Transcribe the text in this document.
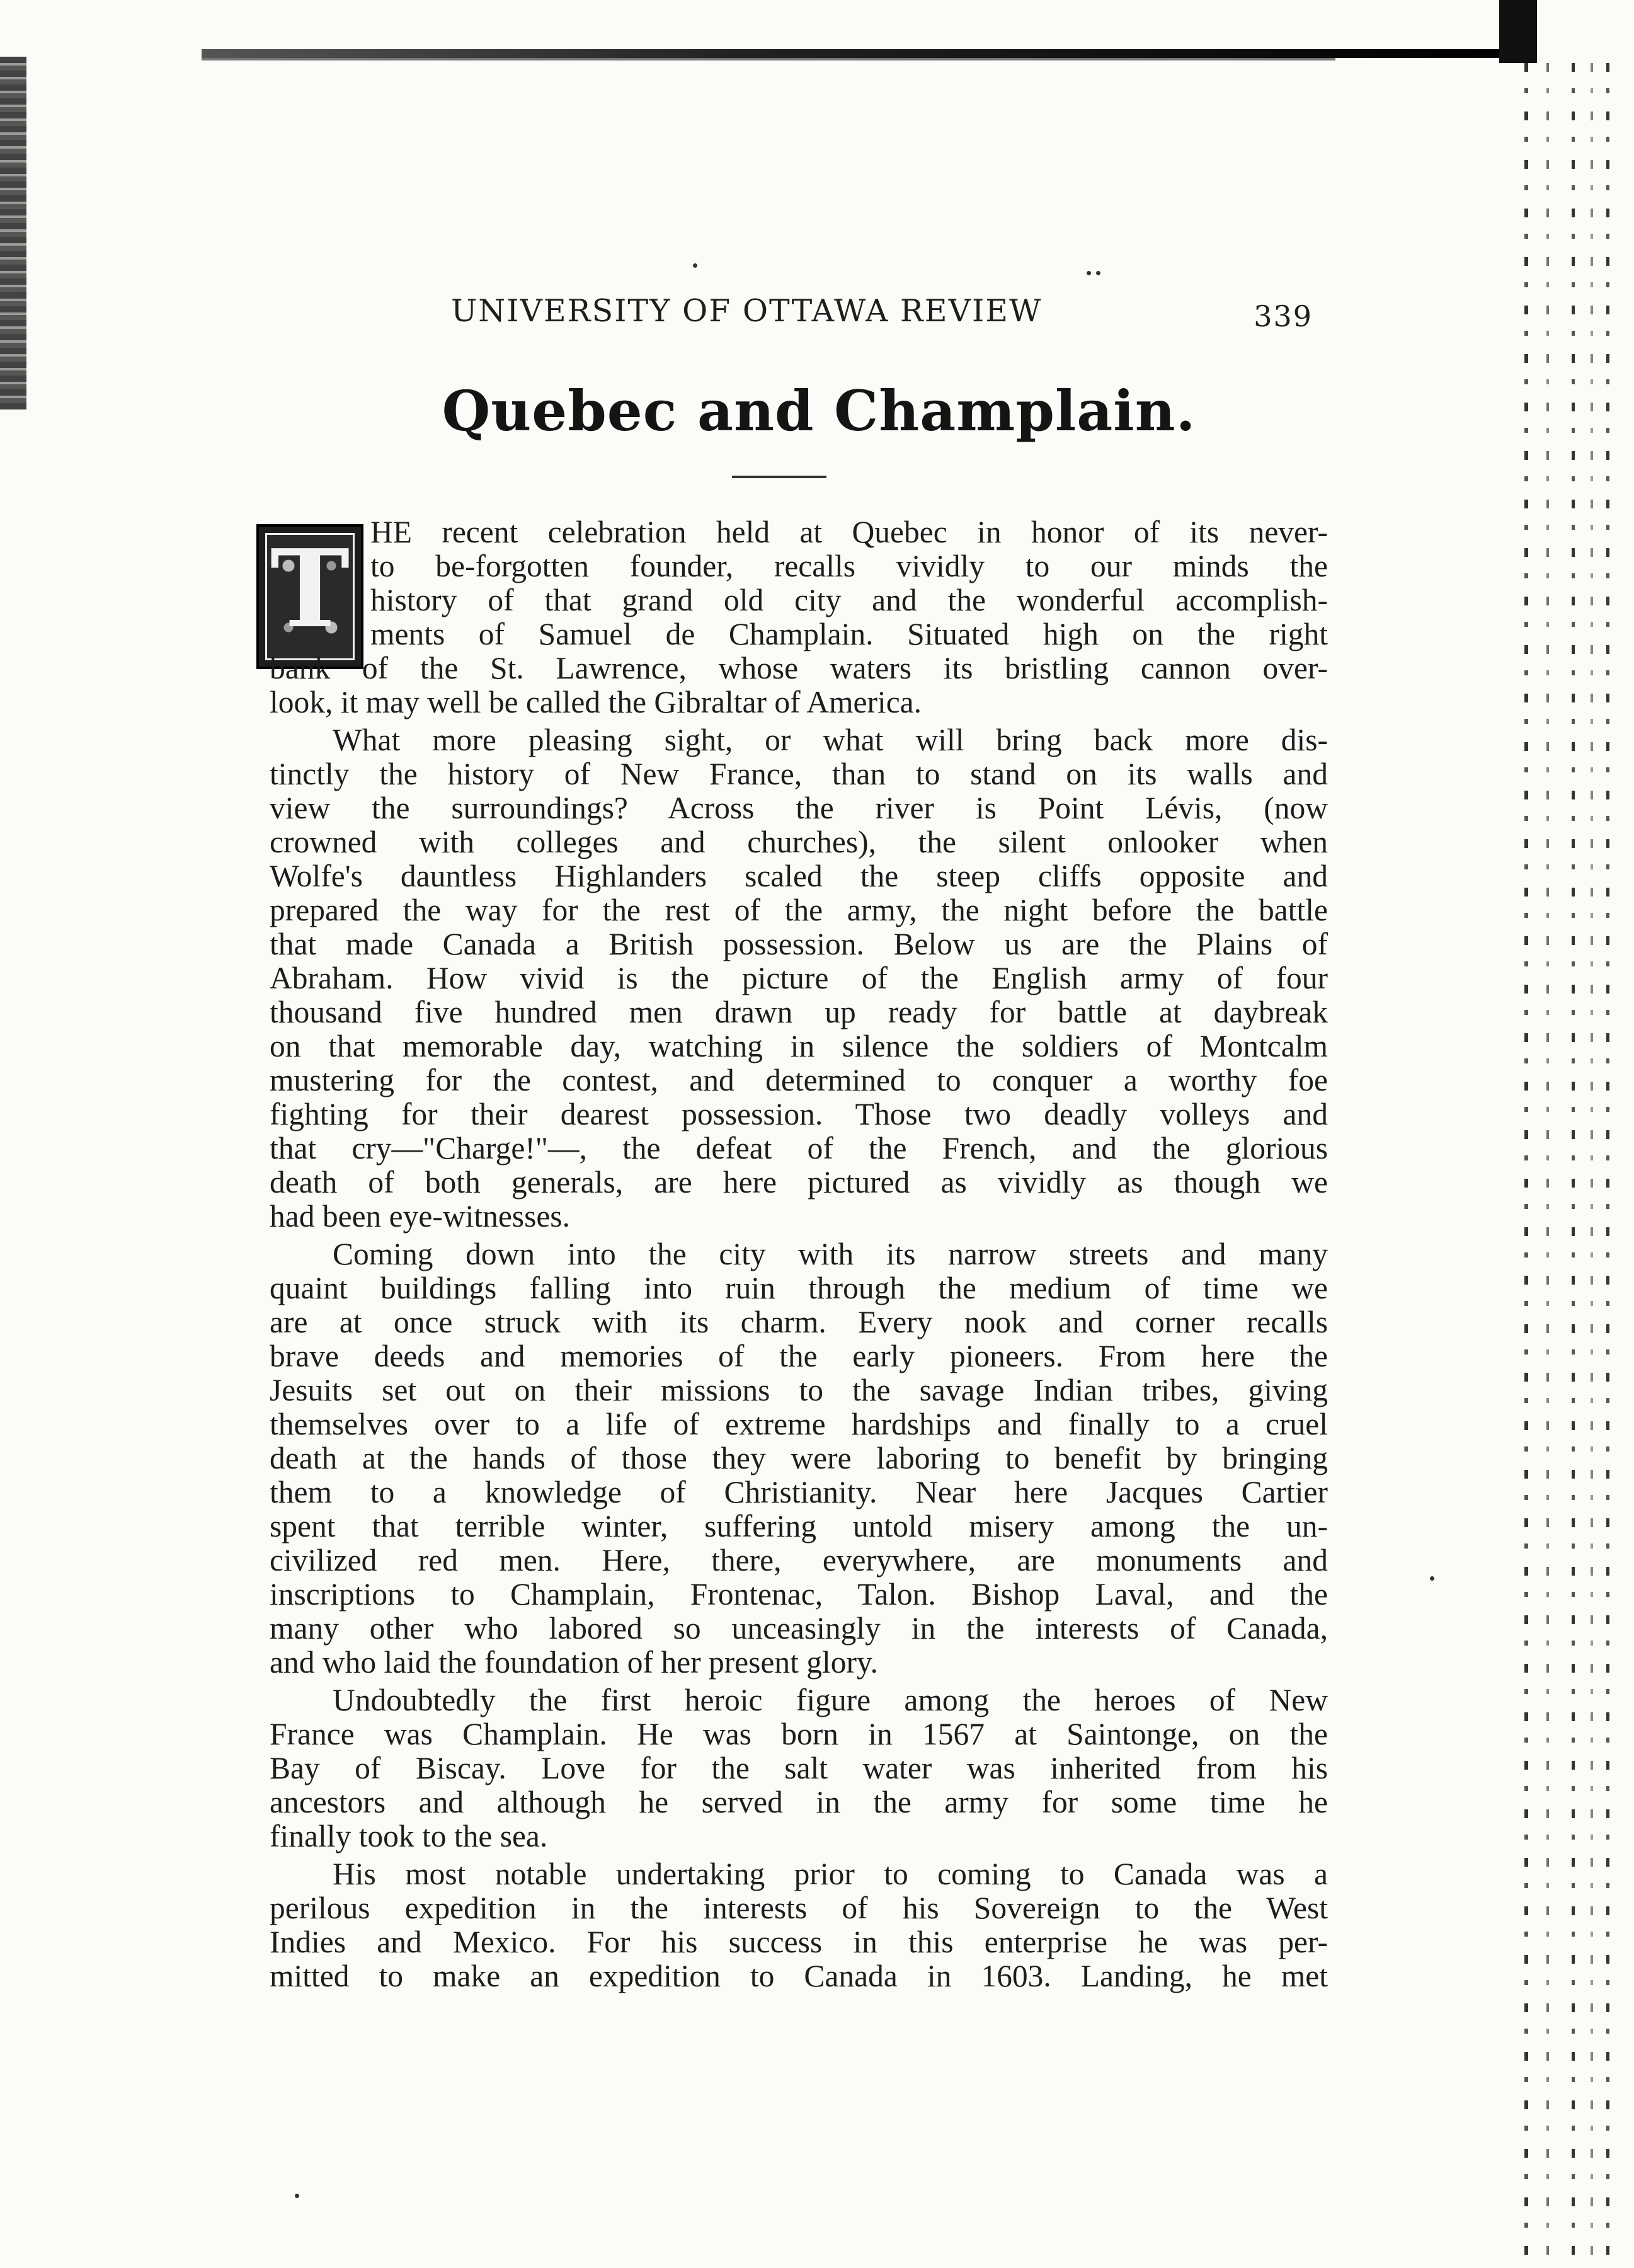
UNIVERSITY OF OTTAWA REVIEW	339
Quebec and Champlain.
T HE recent celebration held at Quebec in honor of its never-
to be-forgotten founder, recalls vividly to our minds the
history of that grand old city and the wonderful accomplish-
ments of Samuel de Champlain. Situated high on the right
bank of the St. Lawrence, whose waters its bristling cannon over-
look, it may well be called the Gibraltar of America.
What more pleasing sight, or what will bring back more dis-
tinctly the history of New France, than to stand on its walls and
view the surroundings? Across the river is Point Lévis, (now
crowned with colleges and churches), the silent onlooker when
Wolfe's dauntless Highlanders scaled the steep cliffs opposite and
prepared the way for the rest of the army, the night before the battle
that made Canada a British possession. Below us are the Plains of
Abraham. How vivid is the picture of the English army of four
thousand five hundred men drawn up ready for battle at daybreak
on that memorable day, watching in silence the soldiers of Montcalm
mustering for the contest, and determined to conquer a worthy foe
fighting for their dearest possession. Those two deadly volleys and
that cry—"Charge!"—, the defeat of the French, and the glorious
death of both generals, are here pictured as vividly as though we
had been eye-witnesses.
Coming down into the city with its narrow streets and many
quaint buildings falling into ruin through the medium of time we
are at once struck with its charm. Every nook and corner recalls
brave deeds and memories of the early pioneers. From here the
Jesuits set out on their missions to the savage Indian tribes, giving
themselves over to a life of extreme hardships and finally to a cruel
death at the hands of those they were laboring to benefit by bringing
them to a knowledge of Christianity. Near here Jacques Cartier
spent that terrible winter, suffering untold misery among the un-
civilized red men. Here, there, everywhere, are monuments and
inscriptions to Champlain, Frontenac, Talon. Bishop Laval, and the
many other who labored so unceasingly in the interests of Canada,
and who laid the foundation of her present glory.
Undoubtedly the first heroic figure among the heroes of New
France was Champlain. He was born in 1567 at Saintonge, on the
Bay of Biscay. Love for the salt water was inherited from his
ancestors and although he served in the army for some time he
finally took to the sea.
His most notable undertaking prior to coming to Canada was a
perilous expedition in the interests of his Sovereign to the West
Indies and Mexico. For his success in this enterprise he was per-
mitted to make an expedition to Canada in 1603. Landing, he met
